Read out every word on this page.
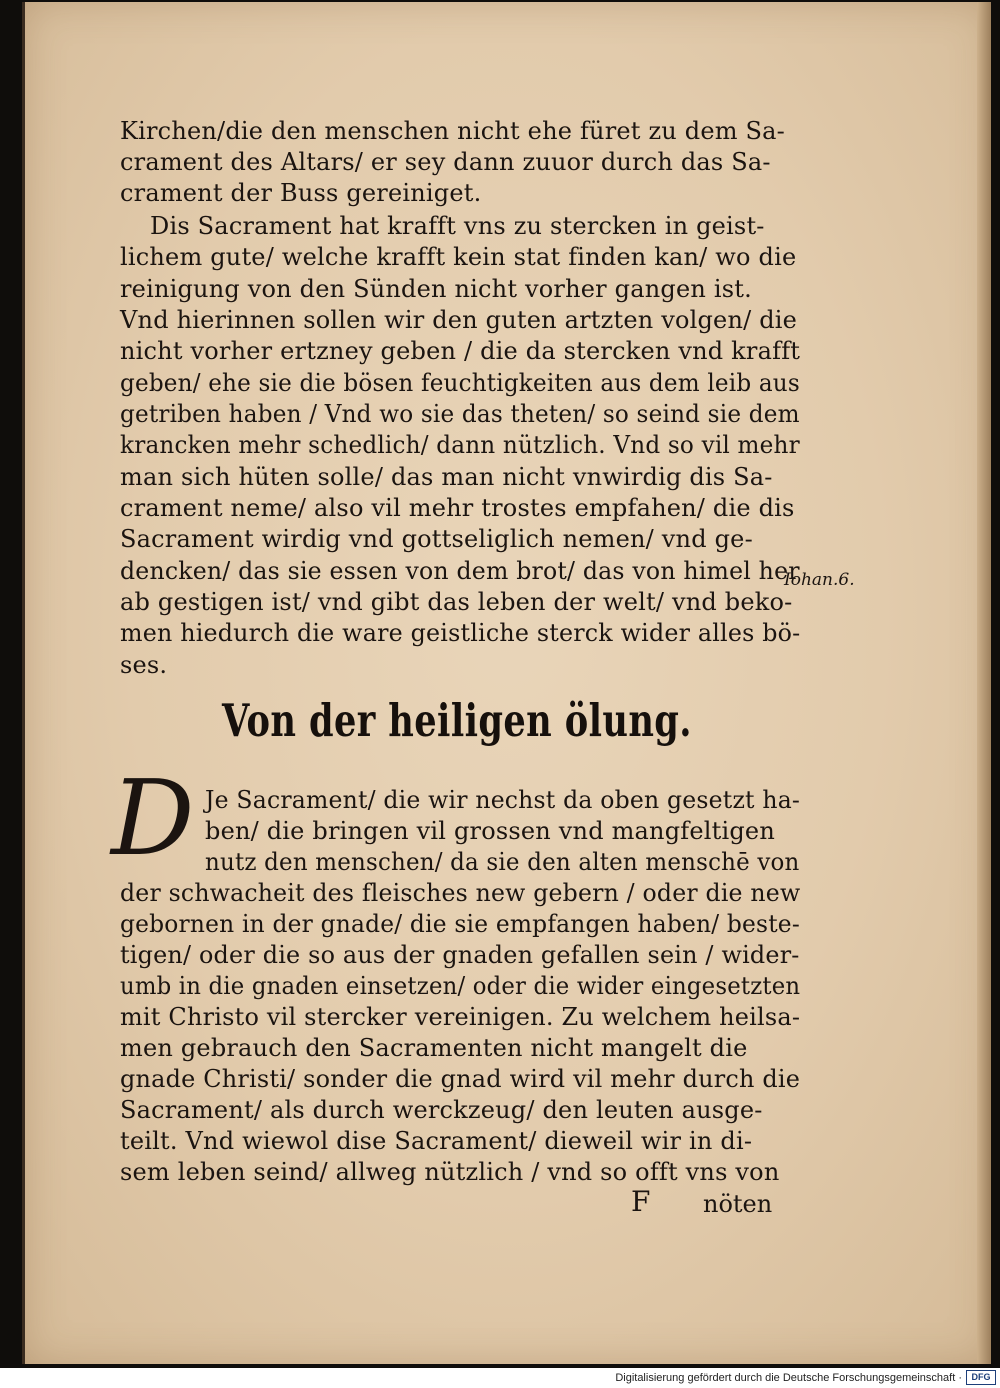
Kirchen/die den menschen nicht ehe füret zu dem Sa-

crament des Altars/ er sey dann zuuor durch das Sa-

crament der Buss gereiniget.

Dis Sacrament hat krafft vns zu stercken in geist-

lichem gute/ welche krafft kein stat finden kan/ wo die

reinigung von den Sünden nicht vorher gangen ist.

Vnd hierinnen sollen wir den guten artzten volgen/ die

nicht vorher ertzney geben / die da stercken vnd krafft

geben/ ehe sie die bösen feuchtigkeiten aus dem leib aus

getriben haben / Vnd wo sie das theten/ so seind sie dem

krancken mehr schedlich/ dann nützlich. Vnd so vil mehr

man sich hüten solle/ das man nicht vnwirdig dis Sa-

crament neme/ also vil mehr trostes empfahen/ die dis

Sacrament wirdig vnd gottseliglich nemen/ vnd ge-

dencken/ das sie essen von dem brot/ das von himel her

ab gestigen ist/ vnd gibt das leben der welt/ vnd beko-

men hiedurch die ware geistliche sterck wider alles bö-

ses.

D Je Sacrament/ die wir nechst da oben gesetzt ha-

ben/ die bringen vil grossen vnd mangfeltigen

nutz den menschen/ da sie den alten menschē von

der schwacheit des fleisches new gebern / oder die new

gebornen in der gnade/ die sie empfangen haben/ beste-

tigen/ oder die so aus der gnaden gefallen sein / wider-

umb in die gnaden einsetzen/ oder die wider eingesetzten

mit Christo vil stercker vereinigen. Zu welchem heilsa-

men gebrauch den Sacramenten nicht mangelt die

gnade Christi/ sonder die gnad wird vil mehr durch die

Sacrament/ als durch werckzeug/ den leuten ausge-

teilt. Vnd wiewol dise Sacrament/ dieweil wir in di-

sem leben seind/ allweg nützlich / vnd so offt vns von

F nöten
Iohan.6.
Von der heiligen ölung.
Digitalisierung gefördert durch die Deutsche Forschungsgemeinschaft ·	DFG
